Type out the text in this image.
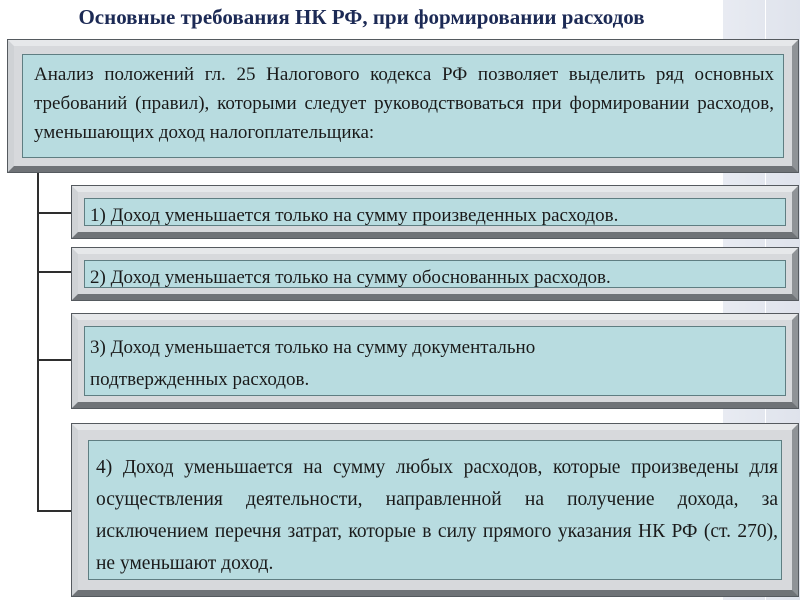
Основные требования НК РФ, при формировании расходов
Анализ положений гл. 25 Налогового кодекса РФ позволяет выделить ряд основных требований (правил), которыми следует руководствоваться при формировании расходов, уменьшающих доход налогоплательщика:
1) Доход уменьшается только на сумму произведенных расходов.
2) Доход уменьшается только на сумму обоснованных расходов.
3) Доход уменьшается только на сумму документально подтвержденных расходов.
4) Доход уменьшается на сумму любых расходов, которые произведены для осуществления деятельности, направленной на получение дохода, за исключением перечня затрат, которые в силу прямого указания НК РФ (ст. 270), не уменьшают доход.
